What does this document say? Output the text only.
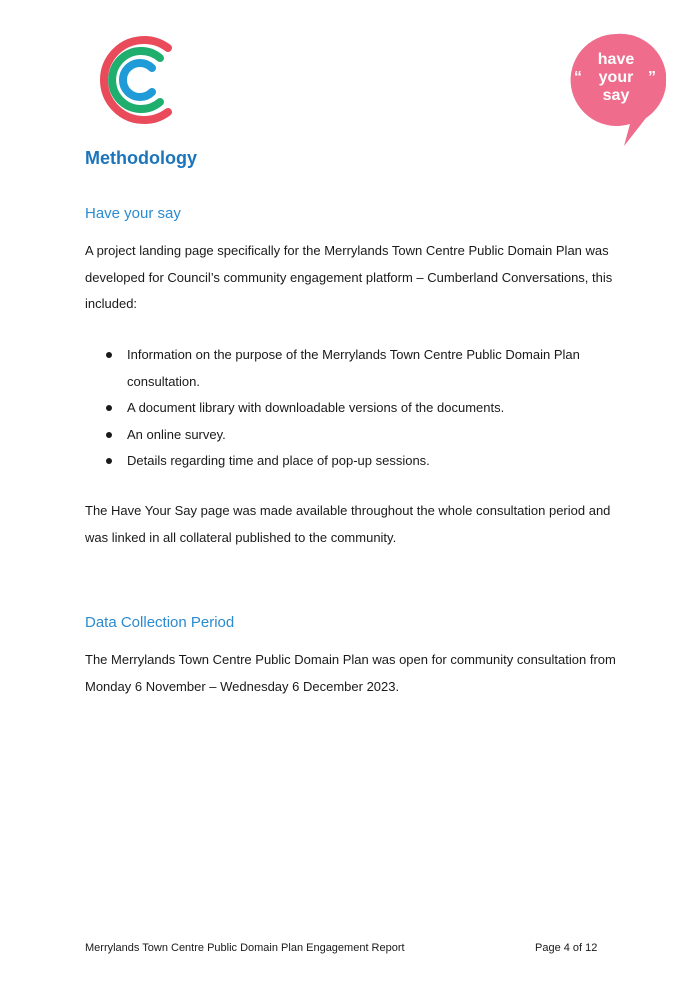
“	”
have
your
say
Methodology
Have your say
A project landing page specifically for the Merrylands Town Centre Public Domain Plan was developed for Council’s community engagement platform – Cumberland Conversations, this included:
Information on the purpose of the Merrylands Town Centre Public Domain Plan consultation.
A document library with downloadable versions of the documents.
An online survey.
Details regarding time and place of pop-up sessions.
The Have Your Say page was made available throughout the whole consultation period and was linked in all collateral published to the community.
Data Collection Period
The Merrylands Town Centre Public Domain Plan was open for community consultation from Monday 6 November – Wednesday 6 December 2023.
Merrylands Town Centre Public Domain Plan Engagement Report	Page 4 of 12
